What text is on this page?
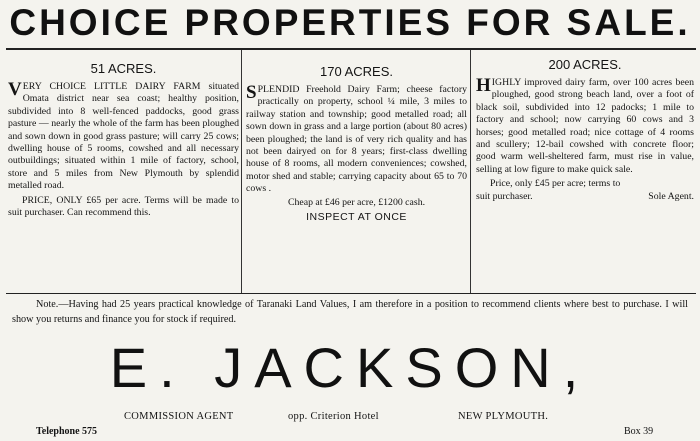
CHOICE PROPERTIES FOR SALE.
51 ACRES.
VERY CHOICE LITTLE DAIRY FARM situated Omata district near sea coast; healthy position, subdivided into 8 well-fenced paddocks, good grass pasture — nearly the whole of the farm has been ploughed and sown down in good grass pasture; will carry 25 cows; dwelling house of 5 rooms, cowshed and all necessary outbuildings; situated within 1 mile of factory, school, store and 5 miles from New Plymouth by splendid metalled road.
PRICE, ONLY £65 per acre. Terms will be made to suit purchaser. Can recommend this.
170 ACRES.
SPLENDID Freehold Dairy Farm; cheese factory practically on property, school ¼ mile, 3 miles to railway station and township; good metalled road; all sown down in grass and a large portion (about 80 acres) been ploughed; the land is of very rich quality and has not been dairyed on for 8 years; first-class dwelling house of 8 rooms, all modern conveniences; cowshed, motor shed and stable; carrying capacity about 65 to 70 cows .
Cheap at £46 per acre, £1200 cash.
INSPECT AT ONCE
200 ACRES.
HIGHLY improved dairy farm, over 100 acres been ploughed, good strong beach land, over a foot of black soil, subdivided into 12 padocks; 1 mile to factory and school; now carrying 60 cows and 3 horses; good metalled road; nice cottage of 4 rooms and scullery; 12-bail cowshed with concrete floor; good warm well-sheltered farm, must rise in value, selling at low figure to make quick sale.
Price, only £45 per acre; terms to
suit purchaser.	Sole Agent.
Note.—Having had 25 years practical knowledge of Taranaki Land Values, I am therefore in a position to recommend clients where best to purchase. I will show you returns and finance you for stock if required.
E. JACKSON,
COMMISSION AGENT	opp. Criterion Hotel	NEW PLYMOUTH.
Telephone 575	Box 39
